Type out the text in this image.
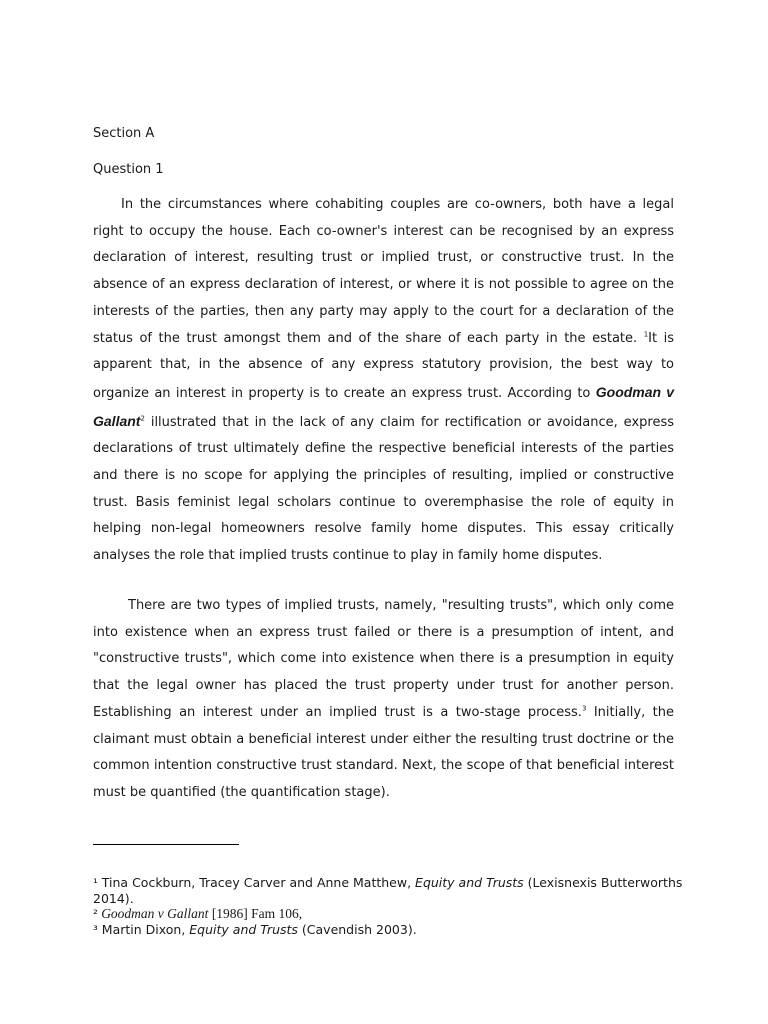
Section A
Question 1

In the circumstances where cohabiting couples are co-owners, both have a legal right to occupy the house. Each co-owner's interest can be recognised by an express declaration of interest, resulting trust or implied trust, or constructive trust. In the absence of an express declaration of interest, or where it is not possible to agree on the interests of the parties, then any party may apply to the court for a declaration of the status of the trust amongst them and of the share of each party in the estate. $^1$It is apparent that, in the absence of any express statutory provision, the best way to organize an interest in property is to create an express trust. According to Goodman v Gallant$^2$ illustrated that in the lack of any claim for rectification or avoidance, express declarations of trust ultimately define the respective beneficial interests of the parties and there is no scope for applying the principles of resulting, implied or constructive trust. Basis feminist legal scholars continue to overemphasise the role of equity in helping non-legal homeowners resolve family home disputes. This essay critically analyses the role that implied trusts continue to play in family home disputes.

There are two types of implied trusts, namely, "resulting trusts", which only come into existence when an express trust failed or there is a presumption of intent, and "constructive trusts", which come into existence when there is a presumption in equity that the legal owner has placed the trust property under trust for another person. Establishing an interest under an implied trust is a two-stage process.$^3$ Initially, the claimant must obtain a beneficial interest under either the resulting trust doctrine or the common intention constructive trust standard. Next, the scope of that beneficial interest must be quantified (the quantification stage).

¹ Tina Cockburn, Tracey Carver and Anne Matthew, Equity and Trusts (Lexisnexis Butterworths 2014).

² Goodman v Gallant [1986] Fam 106,

³ Martin Dixon, Equity and Trusts (Cavendish 2003).
